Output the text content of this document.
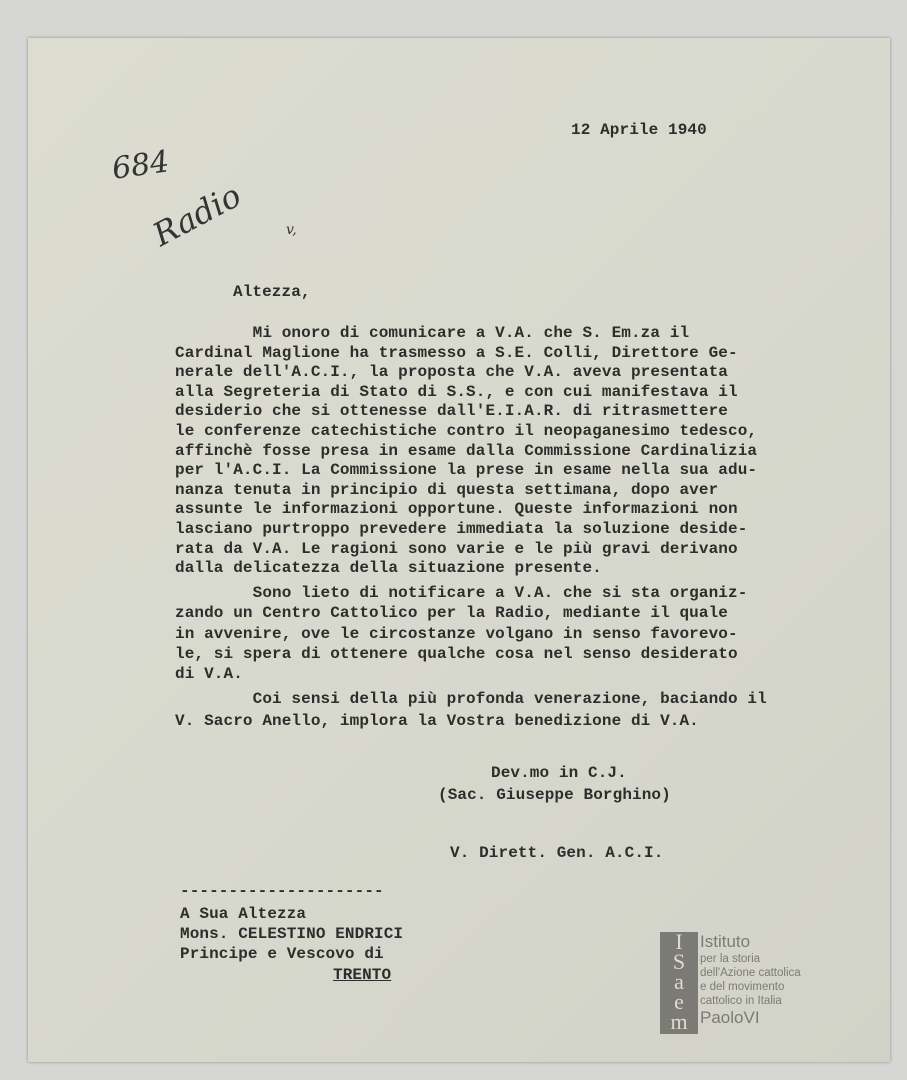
684
Radio	v,
12 Aprile 1940
Altezza,
Mi onoro di comunicare a V.A. che S. Em.za il
Cardinal Maglione ha trasmesso a S.E. Colli, Direttore Ge-
nerale dell'A.C.I., la proposta che V.A. aveva presentata
alla Segreteria di Stato di S.S., e con cui manifestava il
desiderio che si ottenesse dall'E.I.A.R. di ritrasmettere
le conferenze catechistiche contro il neopaganesimo tedesco,
affinchè fosse presa in esame dalla Commissione Cardinalizia
per l'A.C.I. La Commissione la prese in esame nella sua adu-
nanza tenuta in principio di questa settimana, dopo aver
assunte le informazioni opportune. Queste informazioni non
lasciano purtroppo prevedere immediata la soluzione deside-
rata da V.A. Le ragioni sono varie e le più gravi derivano
dalla delicatezza della situazione presente.
Sono lieto di notificare a V.A. che si sta organiz-
zando un Centro Cattolico per la Radio, mediante il quale
in avvenire, ove le circostanze volgano in senso favorevo-
le, si spera di ottenere qualche cosa nel senso desiderato
di V.A.
Coi sensi della più profonda venerazione, baciando il
V. Sacro Anello, implora la Vostra benedizione di V.A.
Dev.mo in C.J.
(Sac. Giuseppe Borghino)
V. Dirett. Gen. A.C.I.
---------------------
A Sua Altezza
Mons. CELESTINO ENDRICI
Principe e Vescovo di
TRENTO
I
S
a
e
m
Istituto
per la storia
dell'Azione cattolica
e del movimento
cattolico in Italia
PaoloVI
